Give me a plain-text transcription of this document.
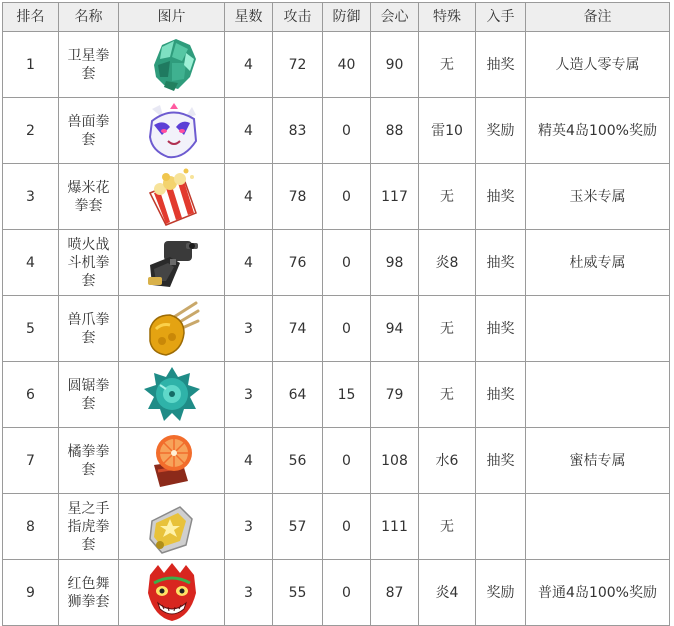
排名	名称	图片	星数	攻击	防御	会心	特殊	入手	备注
1	卫星拳套		4	72	40	90	无	抽奖	人造人零专属
2	兽面拳套		4	83	0	88	雷10	奖励	精英4岛100%奖励
3	爆米花拳套		4	78	0	117	无	抽奖	玉米专属
4	喷火战斗机拳套		4	76	0	98	炎8	抽奖	杜威专属
5	兽爪拳套		3	74	0	94	无	抽奖	
6	圆锯拳套		3	64	15	79	无	抽奖	
7	橘拳拳套		4	56	0	108	水6	抽奖	蜜桔专属
8	星之手指虎拳套		3	57	0	111	无		
9	红色舞狮拳套		3	55	0	87	炎4	奖励	普通4岛100%奖励
